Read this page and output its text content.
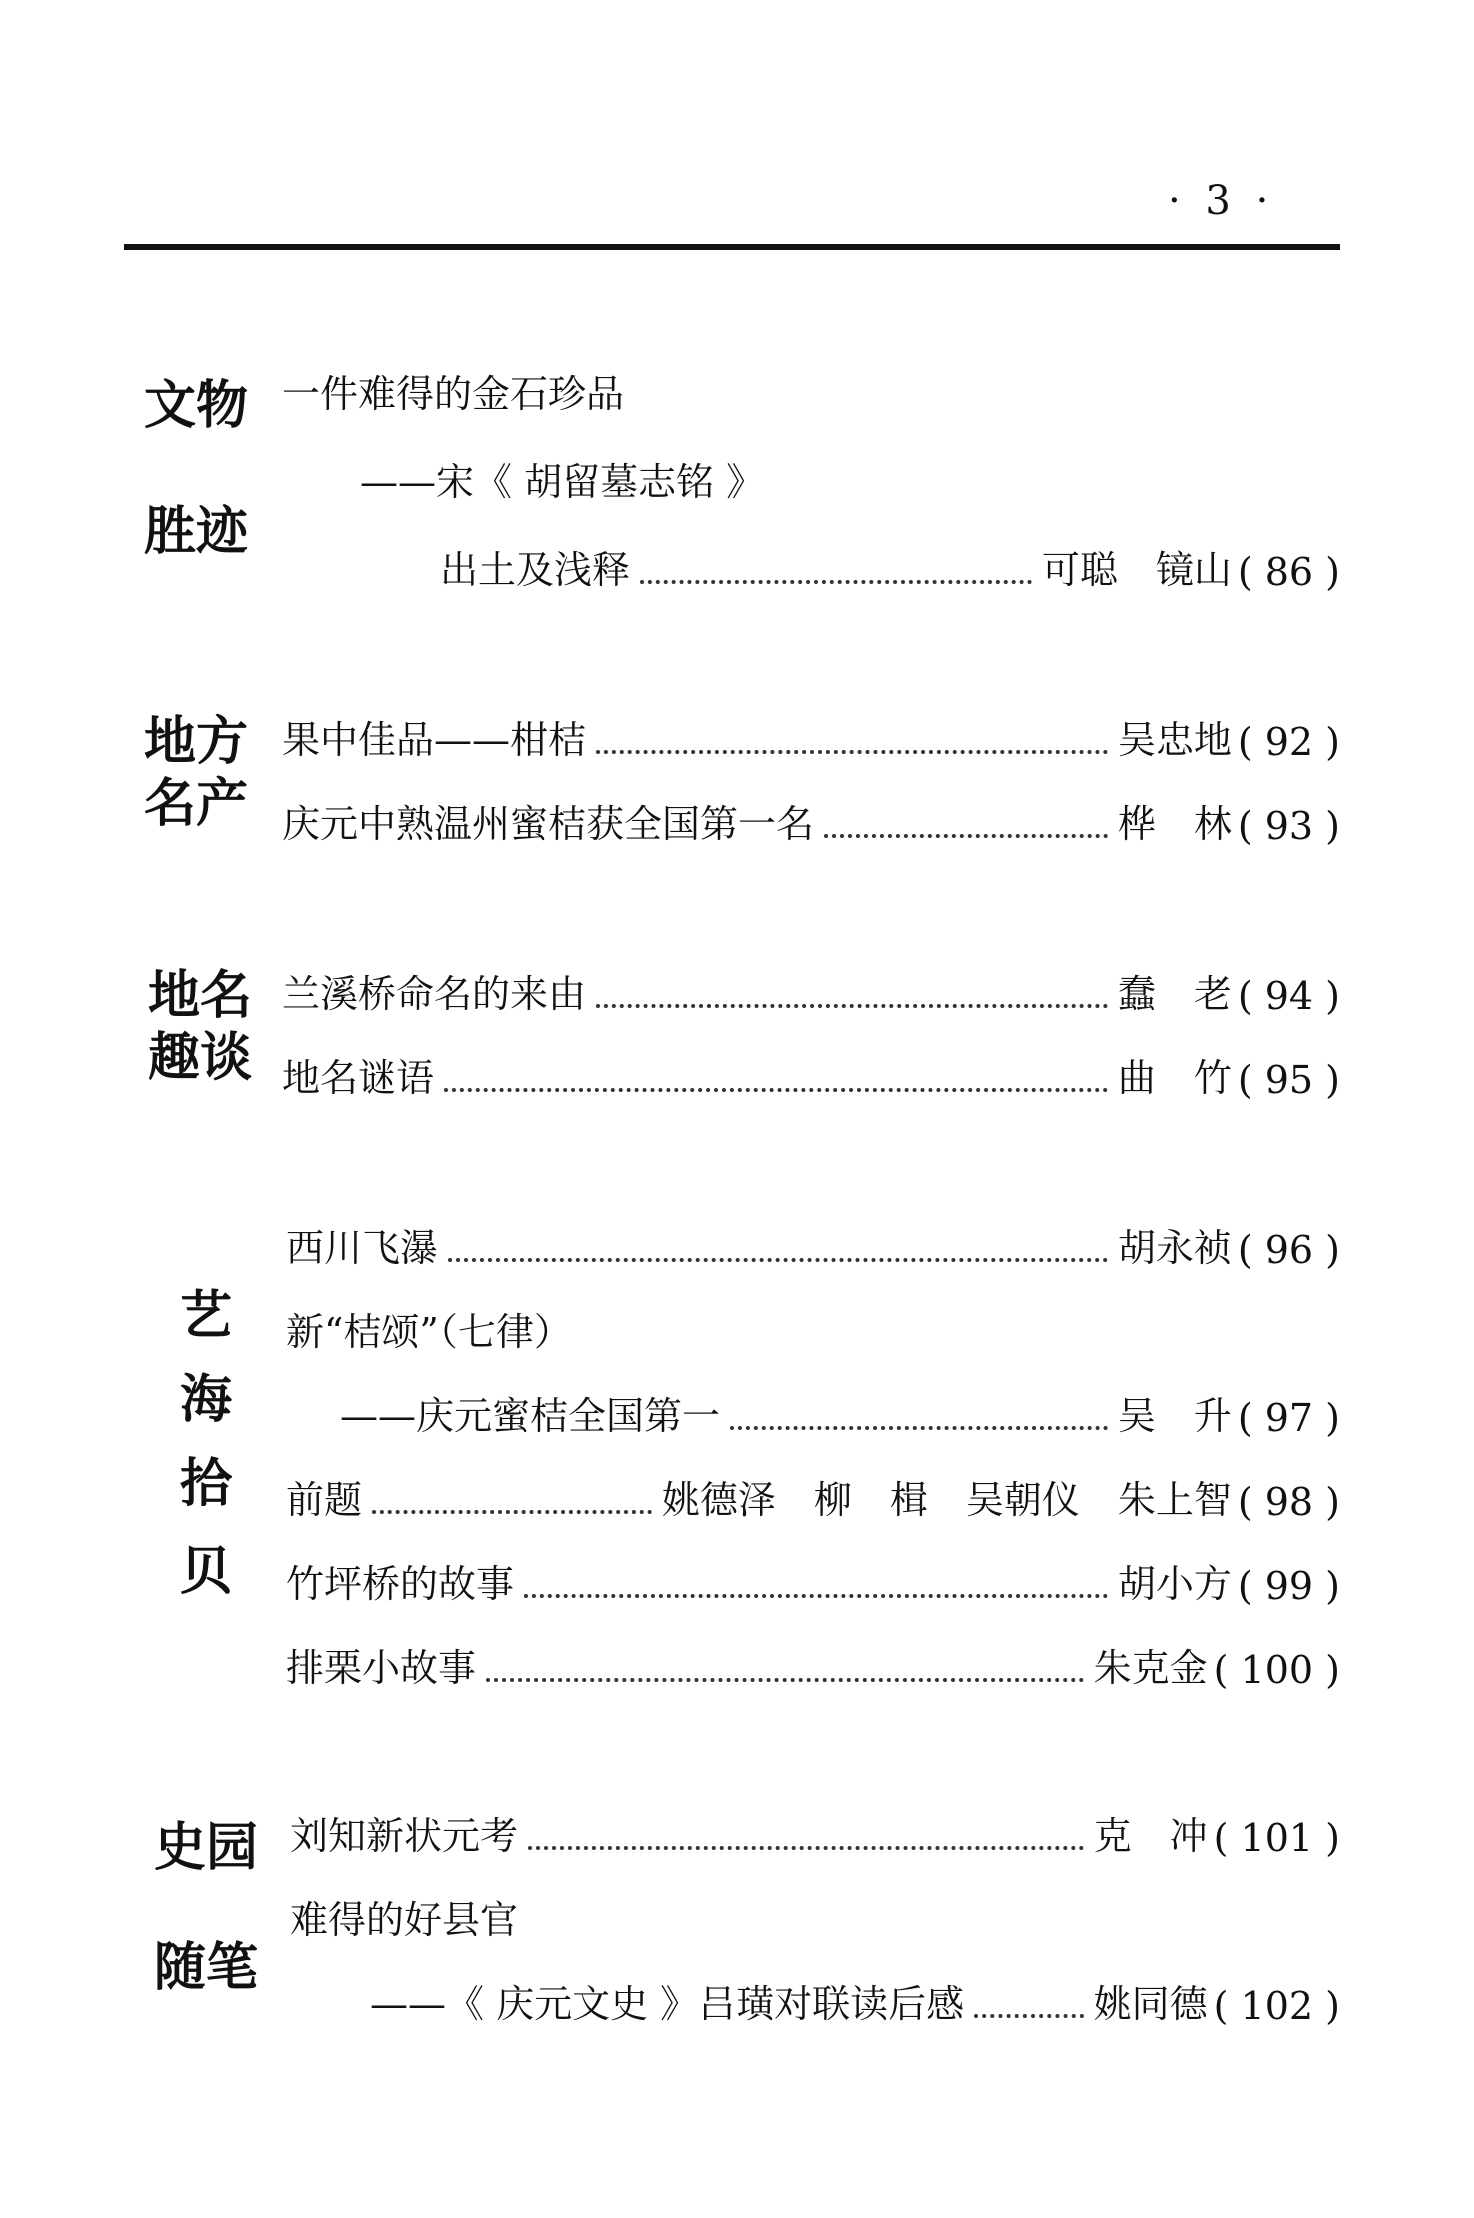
· 3 ·
文物
胜迹
一件难得的金石珍品
——宋《 胡留墓志铭 》
出土及浅释	可聪　镜山 ( 86 )
地方
名产
果中佳品——柑桔	吴忠地 ( 92 )
庆元中熟温州蜜桔获全国第一名	桦　林 ( 93 )
地名
趣谈
兰溪桥命名的来由	蠢　老 ( 94 )
地名谜语	曲　竹 ( 95 )
艺
海
拾
贝
西川飞瀑	胡永祯 ( 96 )
新“桔颂”（七律）
——庆元蜜桔全国第一	吴　升 ( 97 )
前题	姚德泽　柳　楫　吴朝仪　朱上智 ( 98 )
竹坪桥的故事	胡小方 ( 99 )
排栗小故事	朱克金 ( 100 )
史园
随笔
刘知新状元考	克　冲 ( 101 )
难得的好县官
——《 庆元文史 》吕璜对联读后感	姚同德 ( 102 )
